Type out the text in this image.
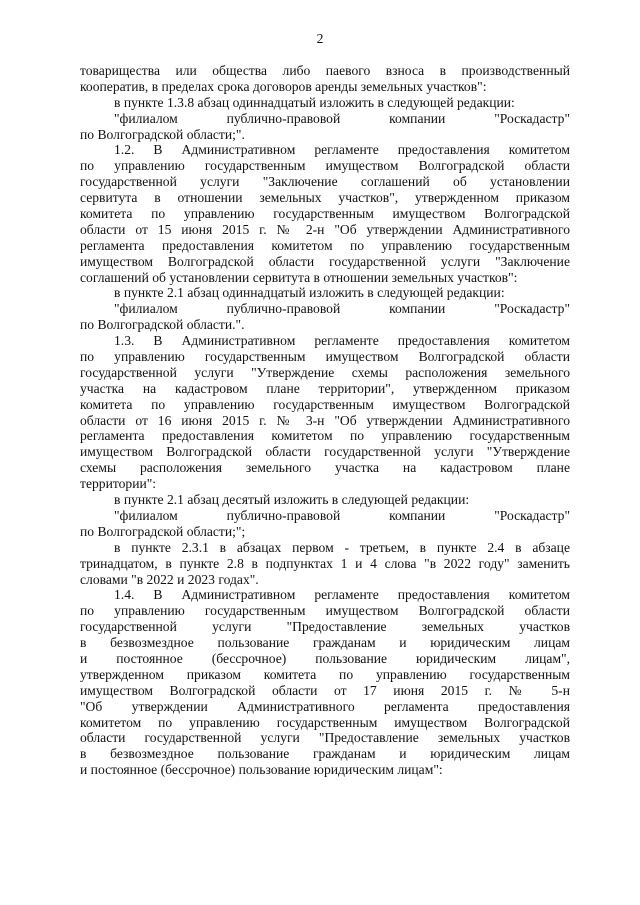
2
товарищества или общества либо паевого взноса в производственный
кооператив, в пределах срока договоров аренды земельных участков":
в пункте 1.3.8 абзац одиннадцатый изложить в следующей редакции:
"филиалом публично-правовой компании "Роскадастр"
по Волгоградской области;".
1.2. В Административном регламенте предоставления комитетом
по управлению государственным имуществом Волгоградской области
государственной услуги "Заключение соглашений об установлении
сервитута в отношении земельных участков", утвержденном приказом
комитета по управлению государственным имуществом Волгоградской
области от 15 июня 2015 г. № 2-н "Об утверждении Административного
регламента предоставления комитетом по управлению государственным
имуществом Волгоградской области государственной услуги "Заключение
соглашений об установлении сервитута в отношении земельных участков":
в пункте 2.1 абзац одиннадцатый изложить в следующей редакции:
"филиалом публично-правовой компании "Роскадастр"
по Волгоградской области.".
1.3. В Административном регламенте предоставления комитетом
по управлению государственным имуществом Волгоградской области
государственной услуги "Утверждение схемы расположения земельного
участка на кадастровом плане территории", утвержденном приказом
комитета по управлению государственным имуществом Волгоградской
области от 16 июня 2015 г. № 3-н "Об утверждении Административного
регламента предоставления комитетом по управлению государственным
имуществом Волгоградской области государственной услуги "Утверждение
схемы расположения земельного участка на кадастровом плане
территории":
в пункте 2.1 абзац десятый изложить в следующей редакции:
"филиалом публично-правовой компании "Роскадастр"
по Волгоградской области;";
в пункте 2.3.1 в абзацах первом - третьем, в пункте 2.4 в абзаце
тринадцатом, в пункте 2.8 в подпунктах 1 и 4 слова "в 2022 году" заменить
словами "в 2022 и 2023 годах".
1.4. В Административном регламенте предоставления комитетом
по управлению государственным имуществом Волгоградской области
государственной услуги "Предоставление земельных участков
в безвозмездное пользование гражданам и юридическим лицам
и постоянное (бессрочное) пользование юридическим лицам",
утвержденном приказом комитета по управлению государственным
имуществом Волгоградской области от 17 июня 2015 г. № 5-н
"Об утверждении Административного регламента предоставления
комитетом по управлению государственным имуществом Волгоградской
области государственной услуги "Предоставление земельных участков
в безвозмездное пользование гражданам и юридическим лицам
и постоянное (бессрочное) пользование юридическим лицам":
